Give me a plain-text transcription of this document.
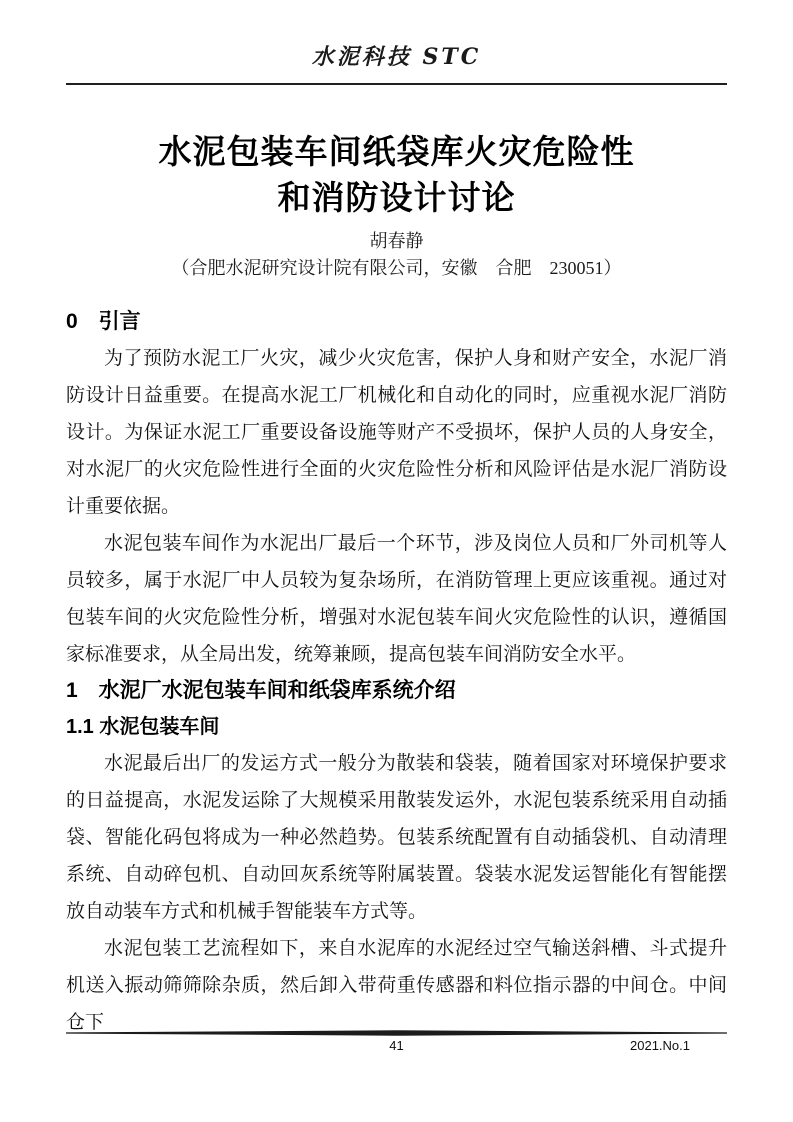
水泥科技 STC
水泥包装车间纸袋库火灾危险性
和消防设计讨论
胡春静
（合肥水泥研究设计院有限公司，安徽　合肥　230051）
0　引言

为了预防水泥工厂火灾，减少火灾危害，保护人身和财产安全，水泥厂消防设计日益重要。在提高水泥工厂机械化和自动化的同时，应重视水泥厂消防设计。为保证水泥工厂重要设备设施等财产不受损坏，保护人员的人身安全，对水泥厂的火灾危险性进行全面的火灾危险性分析和风险评估是水泥厂消防设计重要依据。

水泥包装车间作为水泥出厂最后一个环节，涉及岗位人员和厂外司机等人员较多，属于水泥厂中人员较为复杂场所，在消防管理上更应该重视。通过对包装车间的火灾危险性分析，增强对水泥包装车间火灾危险性的认识，遵循国家标准要求，从全局出发，统筹兼顾，提高包装车间消防安全水平。

1　水泥厂水泥包装车间和纸袋库系统介绍
1.1 水泥包装车间

水泥最后出厂的发运方式一般分为散装和袋装，随着国家对环境保护要求的日益提高，水泥发运除了大规模采用散装发运外，水泥包装系统采用自动插袋、智能化码包将成为一种必然趋势。包装系统配置有自动插袋机、自动清理系统、自动碎包机、自动回灰系统等附属装置。袋装水泥发运智能化有智能摆放自动装车方式和机械手智能装车方式等。

水泥包装工艺流程如下，来自水泥库的水泥经过空气输送斜槽、斗式提升机送入振动筛筛除杂质，然后卸入带荷重传感器和料位指示器的中间仓。中间仓下

41	2021.No.1
